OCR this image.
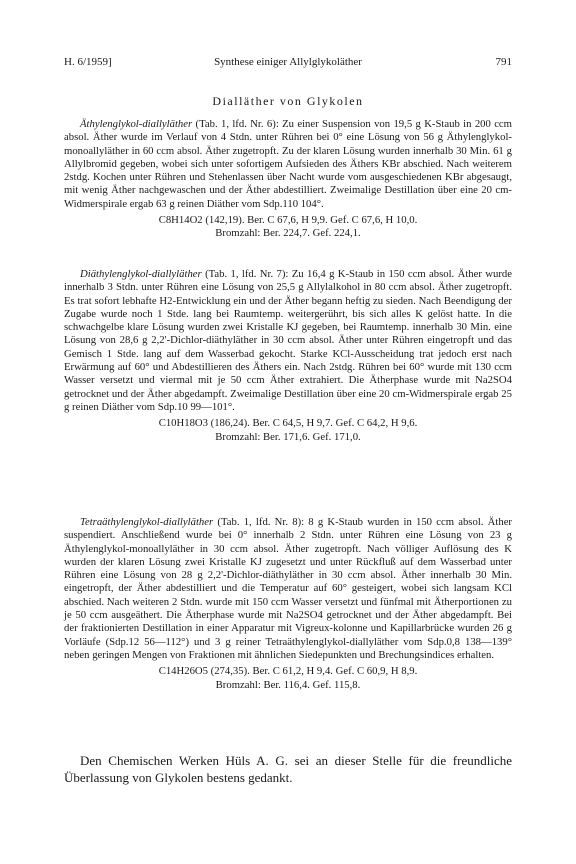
H. 6/1959]	Synthese einiger Allylglykoläther	791
Dialläther von Glykolen

Äthylenglykol-diallyläther (Tab. 1, lfd. Nr. 6): Zu einer Suspension von 19,5 g K-Staub in 200 ccm absol. Äther wurde im Verlauf von 4 Stdn. unter Rühren bei 0° eine Lösung von 56 g Äthylenglykol-monoallyläther in 60 ccm absol. Äther zugetropft. Zu der klaren Lösung wurden innerhalb 30 Min. 61 g Allylbromid gegeben, wobei sich unter sofortigem Aufsieden des Äthers KBr abschied. Nach weiterem 2stdg. Kochen unter Rühren und Stehenlassen über Nacht wurde vom ausgeschiedenen KBr abgesaugt, mit wenig Äther nachgewaschen und der Äther abdestilliert. Zweimalige Destillation über eine 20 cm-Widmerspirale ergab 63 g reinen Diäther vom Sdp.110 104°.

C8H14O2 (142,19). Ber. C 67,6, H 9,9. Gef. C 67,6, H 10,0.
Bromzahl: Ber. 224,7. Gef. 224,1.

Diäthylenglykol-diallyläther (Tab. 1, lfd. Nr. 7): Zu 16,4 g K-Staub in 150 ccm absol. Äther wurde innerhalb 3 Stdn. unter Rühren eine Lösung von 25,5 g Allylalkohol in 80 ccm absol. Äther zugetropft. Es trat sofort lebhafte H2-Entwicklung ein und der Äther begann heftig zu sieden. Nach Beendigung der Zugabe wurde noch 1 Stde. lang bei Raumtemp. weitergerührt, bis sich alles K gelöst hatte. In die schwachgelbe klare Lösung wurden zwei Kristalle KJ gegeben, bei Raumtemp. innerhalb 30 Min. eine Lösung von 28,6 g 2,2'-Dichlor-diäthyläther in 30 ccm absol. Äther unter Rühren eingetropft und das Gemisch 1 Stde. lang auf dem Wasserbad gekocht. Starke KCl-Ausscheidung trat jedoch erst nach Erwärmung auf 60° und Abdestillieren des Äthers ein. Nach 2stdg. Rühren bei 60° wurde mit 130 ccm Wasser versetzt und viermal mit je 50 ccm Äther extrahiert. Die Ätherphase wurde mit Na2SO4 getrocknet und der Äther abgedampft. Zweimalige Destillation über eine 20 cm-Widmerspirale ergab 25 g reinen Diäther vom Sdp.10 99—101°.

C10H18O3 (186,24). Ber. C 64,5, H 9,7. Gef. C 64,2, H 9,6.
Bromzahl: Ber. 171,6. Gef. 171,0.

Tetraäthylenglykol-diallyläther (Tab. 1, lfd. Nr. 8): 8 g K-Staub wurden in 150 ccm absol. Äther suspendiert. Anschließend wurde bei 0° innerhalb 2 Stdn. unter Rühren eine Lösung von 23 g Äthylenglykol-monoallyläther in 30 ccm absol. Äther zugetropft. Nach völliger Auflösung des K wurden der klaren Lösung zwei Kristalle KJ zugesetzt und unter Rückfluß auf dem Wasserbad unter Rühren eine Lösung von 28 g 2,2'-Dichlor-diäthyläther in 30 ccm absol. Äther innerhalb 30 Min. eingetropft, der Äther abdestilliert und die Temperatur auf 60° gesteigert, wobei sich langsam KCl abschied. Nach weiteren 2 Stdn. wurde mit 150 ccm Wasser versetzt und fünfmal mit Ätherportionen zu je 50 ccm ausgeäthert. Die Ätherphase wurde mit Na2SO4 getrocknet und der Äther abgedampft. Bei der fraktionierten Destillation in einer Apparatur mit Vigreux-kolonne und Kapillarbrücke wurden 26 g Vorläufe (Sdp.12 56—112°) und 3 g reiner Tetraäthylenglykol-diallyläther vom Sdp.0,8 138—139° neben geringen Mengen von Fraktionen mit ähnlichen Siedepunkten und Brechungsindices erhalten.

C14H26O5 (274,35). Ber. C 61,2, H 9,4. Gef. C 60,9, H 8,9.
Bromzahl: Ber. 116,4. Gef. 115,8.
Den Chemischen Werken Hüls A. G. sei an dieser Stelle für die freundliche Überlassung von Glykolen bestens gedankt.
